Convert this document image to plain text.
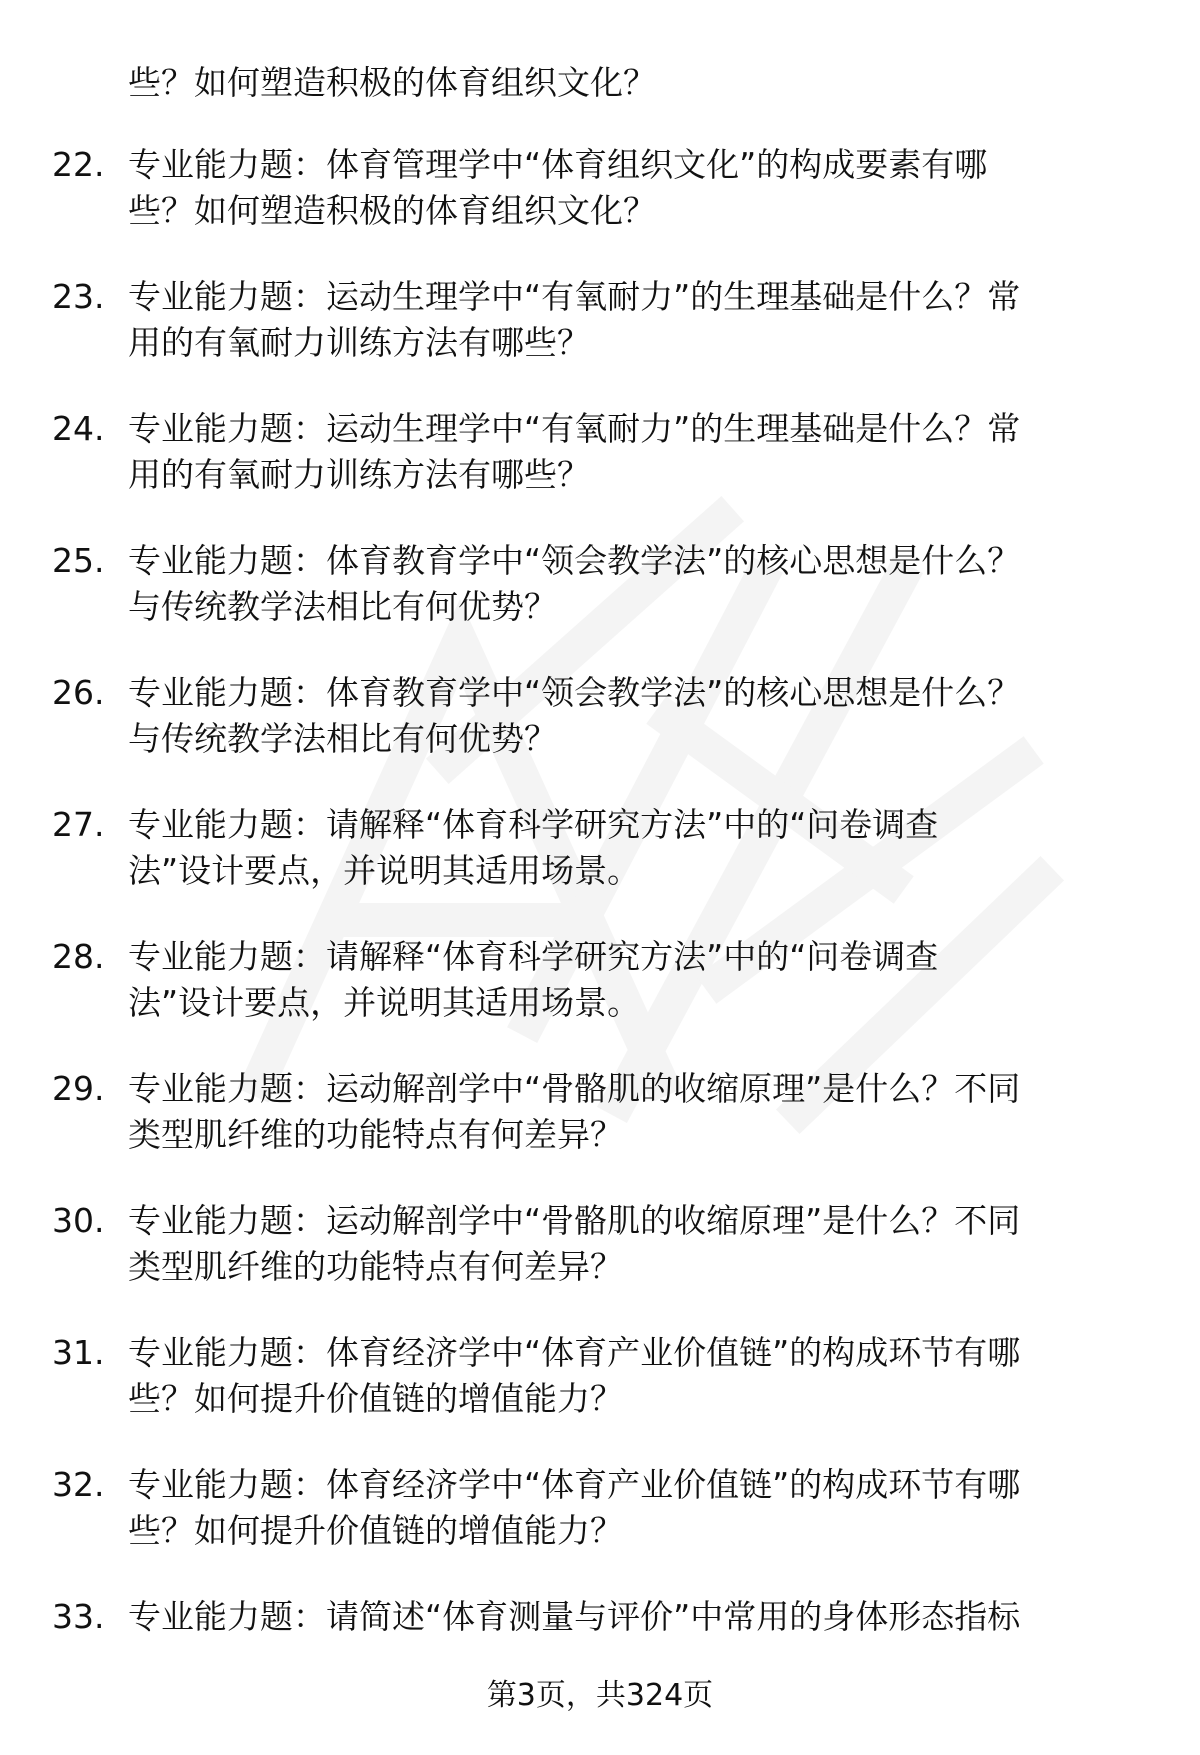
些？如何塑造积极的体育组织文化？
22. 专业能力题：体育管理学中“体育组织文化”的构成要素有哪
些？如何塑造积极的体育组织文化？
23. 专业能力题：运动生理学中“有氧耐力”的生理基础是什么？常
用的有氧耐力训练方法有哪些？
24. 专业能力题：运动生理学中“有氧耐力”的生理基础是什么？常
用的有氧耐力训练方法有哪些？
25. 专业能力题：体育教育学中“领会教学法”的核心思想是什么？
与传统教学法相比有何优势？
26. 专业能力题：体育教育学中“领会教学法”的核心思想是什么？
与传统教学法相比有何优势？
27. 专业能力题：请解释“体育科学研究方法”中的“问卷调查
法”设计要点，并说明其适用场景。
28. 专业能力题：请解释“体育科学研究方法”中的“问卷调查
法”设计要点，并说明其适用场景。
29. 专业能力题：运动解剖学中“骨骼肌的收缩原理”是什么？不同
类型肌纤维的功能特点有何差异？
30. 专业能力题：运动解剖学中“骨骼肌的收缩原理”是什么？不同
类型肌纤维的功能特点有何差异？
31. 专业能力题：体育经济学中“体育产业价值链”的构成环节有哪
些？如何提升价值链的增值能力？
32. 专业能力题：体育经济学中“体育产业价值链”的构成环节有哪
些？如何提升价值链的增值能力？
33. 专业能力题：请简述“体育测量与评价”中常用的身体形态指标
第3页，共324页
